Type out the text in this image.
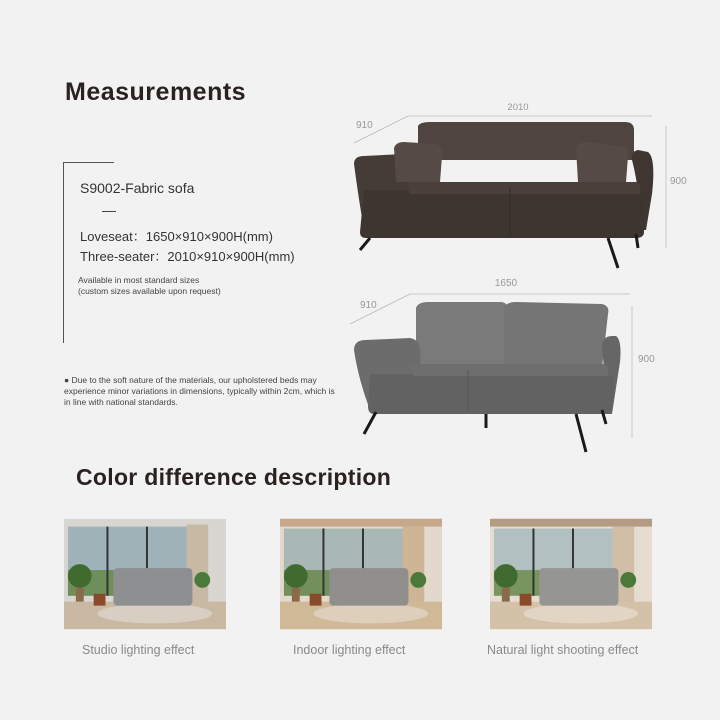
Measurements
S9002-Fabric sofa
Loveseat：1650×910×900H(mm)
Three-seater：2010×910×900H(mm)
Available in most standard sizes
(custom sizes available upon request)
● Due to the soft nature of the materials, our upholstered beds may experience minor variations in dimensions, typically within 2cm, which is in line with national standards.
2010
910
900
1650
910
900
Color difference description
Studio lighting effect	Indoor lighting effect	Natural light shooting effect
